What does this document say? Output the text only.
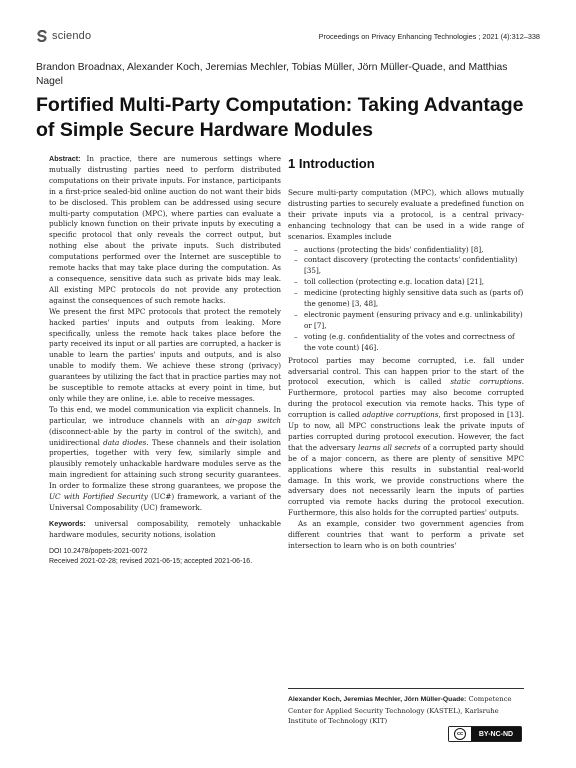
sciendo	Proceedings on Privacy Enhancing Technologies ; 2021 (4):312–338
Brandon Broadnax, Alexander Koch, Jeremias Mechler, Tobias Müller, Jörn Müller-Quade, and Matthias Nagel
Fortified Multi-Party Computation: Taking Advantage of Simple Secure Hardware Modules

Abstract: In practice, there are numerous settings where mutually distrusting parties need to perform distributed computations on their private inputs. For instance, participants in a first-price sealed-bid online auction do not want their bids to be disclosed. This problem can be addressed using secure multi-party computation (MPC), where parties can evaluate a publicly known function on their private inputs by executing a specific protocol that only reveals the correct output, but nothing else about the private inputs. Such distributed computations performed over the Internet are susceptible to remote hacks that may take place during the computation. As a consequence, sensitive data such as private bids may leak. All existing MPC protocols do not provide any protection against the consequences of such remote hacks.

We present the first MPC protocols that protect the remotely hacked parties' inputs and outputs from leaking. More specifically, unless the remote hack takes place before the party received its input or all parties are corrupted, a hacker is unable to learn the parties' inputs and outputs, and is also unable to modify them. We achieve these strong (privacy) guarantees by utilizing the fact that in practice parties may not be susceptible to remote attacks at every point in time, but only while they are online, i.e. able to receive messages.

To this end, we model communication via explicit channels. In particular, we introduce channels with an air-gap switch (disconnect-able by the party in control of the switch), and unidirectional data diodes. These channels and their isolation properties, together with very few, similarly simple and plausibly remotely unhackable hardware modules serve as the main ingredient for attaining such strong security guarantees. In order to formalize these strong guarantees, we propose the UC with Fortified Security (UC#) framework, a variant of the Universal Composability (UC) framework.

Keywords: universal composability, remotely unhackable hardware modules, security notions, isolation

DOI 10.2478/popets-2021-0072
Received 2021-02-28; revised 2021-06-15; accepted 2021-06-16.
1 Introduction

Secure multi-party computation (MPC), which allows mutually distrusting parties to securely evaluate a predefined function on their private inputs via a protocol, is a central privacy-enhancing technology that can be used in a wide range of scenarios. Examples include

– auctions (protecting the bids' confidentiality) [8],
– contact discovery (protecting the contacts' confidentiality) [35],
– toll collection (protecting e.g. location data) [21],
– medicine (protecting highly sensitive data such as (parts of) the genome) [3, 48],
– electronic payment (ensuring privacy and e.g. unlinkability) or [7],
– voting (e.g. confidentiality of the votes and correctness of the vote count) [46].

Protocol parties may become corrupted, i.e. fall under adversarial control. This can happen prior to the start of the protocol execution, which is called static corruptions. Furthermore, protocol parties may also become corrupted during the protocol execution via remote hacks. This type of corruption is called adaptive corruptions, first proposed in [13]. Up to now, all MPC constructions leak the private inputs of parties corrupted during protocol execution. However, the fact that the adversary learns all secrets of a corrupted party should be of a major concern, as there are plenty of sensitive MPC applications where this results in substantial real-world damage. In this work, we provide constructions where the adversary does not necessarily learn the inputs of parties corrupted via remote hacks during the protocol execution. Furthermore, this also holds for the corrupted parties' outputs.

As an example, consider two government agencies from different countries that want to perform a private set intersection to learn who is on both countries'

Alexander Koch, Jeremias Mechler, Jörn Müller-Quade: Competence Center for Applied Security Technology (KASTEL), Karlsruhe Institute of Technology (KIT)
cc	BY-NC-ND
